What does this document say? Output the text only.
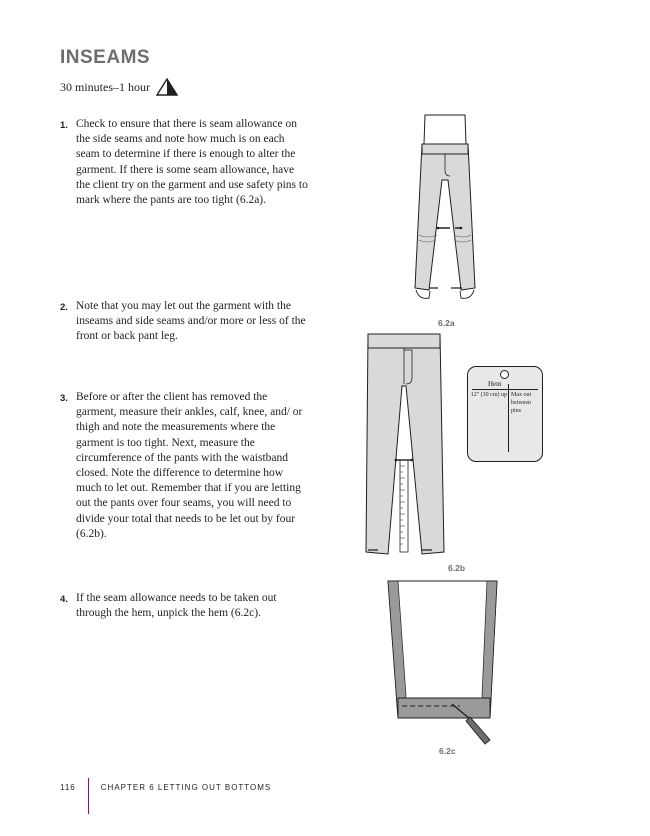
INSEAMS
30 minutes–1 hour
1. Check to ensure that there is seam allowance on the side seams and note how much is on each seam to determine if there is enough to alter the garment. If there is some seam allowance, have the client try on the garment and use safety pins to mark where the pants are too tight (6.2a).
2. Note that you may let out the garment with the inseams and side seams and/or more or less of the front or back pant leg.
3. Before or after the client has removed the garment, measure their ankles, calf, knee, and/ or thigh and note the measurements where the garment is too tight. Next, measure the circumference of the pants with the waistband closed. Note the difference to determine how much to let out. Remember that if you are letting out the pants over four seams, you will need to divide your total that needs to be let out by four (6.2b).
4. If the seam allowance needs to be taken out through the hem, unpick the hem (6.2c).
6.2a
Hem
12" (30 cm) up Max out between pins
6.2b
6.2c
116	CHAPTER 6 LETTING OUT BOTTOMS
